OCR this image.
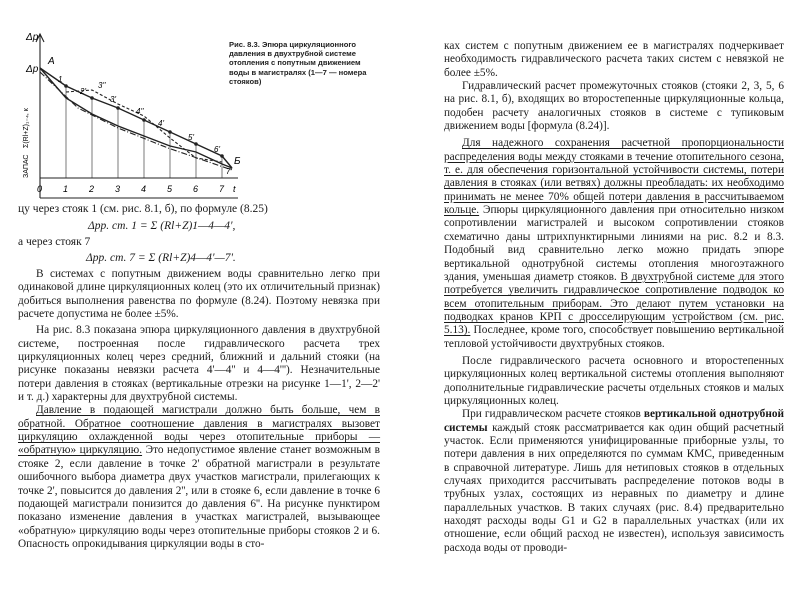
Δp
Δp
А
Б
ЗАПАС
Σ(Rl+Z)₁₋₄, к
0 1 2 3 4 5 6 7 t
1
2'
3''
3'
4''
4'
5'
6'
7'
Рис. 8.3. Эпюра циркуляционного давления в двухтрубной системе отопления с попутным движением воды в магистралях (1—7 — номера стояков)
цу через стояк 1 (см. рис. 8.1, б), по формуле (8.25)
Δpр. ст. 1 = Σ (Rl+Z)1—4—4',
а через стояк 7
Δpр. ст. 7 = Σ (Rl+Z)4—4'—7'.

В системах с попутным движением воды сравнительно легко при одинаковой длине циркуляционных колец (это их отличительный признак) добиться выполнения равенства по формуле (8.24). Поэтому невязка при расчете допустима не более ±5%.

На рис. 8.3 показана эпюра циркуляционного давления в двухтрубной системе, построенная после гидравлического расчета трех циркуляционных колец через средний, ближний и дальний стояки (на рисунке показаны невязки расчета 4'—4'' и 4—4'''). Незначительные потери давления в стояках (вертикальные отрезки на рисунке 1—1', 2—2' и т. д.) характерны для двухтрубной системы.

Давление в подающей магистрали должно быть больше, чем в обратной. Обратное соотношение давления в магистралях вызовет циркуляцию охлажденной воды через отопительные приборы — «обратную» циркуляцию. Это недопустимое явление станет возможным в стояке 2, если давление в точке 2' обратной магистрали в результате ошибочного выбора диаметра двух участков магистрали, прилегающих к точке 2', повысится до давления 2'', или в стояке 6, если давление в точке 6 подающей магистрали понизится до давления 6''. На рисунке пунктиром показано изменение давления в участках магистралей, вызывающее «обратную» циркуляцию воды через отопительные приборы стояков 2 и 6. Опасность опрокидывания циркуляции воды в сто-

ках систем с попутным движением ее в магистралях подчеркивает необходимость гидравлического расчета таких систем с невязкой не более ±5%.

Гидравлический расчет промежуточных стояков (стояки 2, 3, 5, 6 на рис. 8.1, б), входящих во второстепенные циркуляционные кольца, подобен расчету аналогичных стояков в системе с тупиковым движением воды [формула (8.24)].

Для надежного сохранения расчетной пропорциональности распределения воды между стояками в течение отопительного сезона, т. е. для обеспечения горизонтальной устойчивости системы, потери давления в стояках (или ветвях) должны преобладать: их необходимо принимать не менее 70% общей потери давления в рассчитываемом кольце. Эпюры циркуляционного давления при относительно низком сопротивлении магистралей и высоком сопротивлении стояков схематично даны штрихпунктирными линиями на рис. 8.2 и 8.3. Подобный вид сравнительно легко можно придать эпюре вертикальной однотрубной системы отопления многоэтажного здания, уменьшая диаметр стояков. В двухтрубной системе для этого потребуется увеличить гидравлическое сопротивление подводок ко всем отопительным приборам. Это делают путем установки на подводках кранов КРП с дросселирующим устройством (см. рис. 5.13). Последнее, кроме того, способствует повышению вертикальной тепловой устойчивости двухтрубных стояков.

После гидравлического расчета основного и второстепенных циркуляционных колец вертикальной системы отопления выполняют дополнительные гидравлические расчеты отдельных стояков и малых циркуляционных колец.

При гидравлическом расчете стояков вертикальной однотрубной системы каждый стояк рассматривается как один общий расчетный участок. Если применяются унифицированные приборные узлы, то потери давления в них определяются по суммам КМС, приведенным в справочной литературе. Лишь для нетиповых стояков в отдельных случаях приходится рассчитывать распределение потоков воды в трубных узлах, состоящих из неравных по диаметру и длине параллельных участков. В таких случаях (рис. 8.4) предварительно находят расходы воды G1 и G2 в параллельных участках (или их отношение, если общий расход не известен), используя зависимость расхода воды от проводи-
